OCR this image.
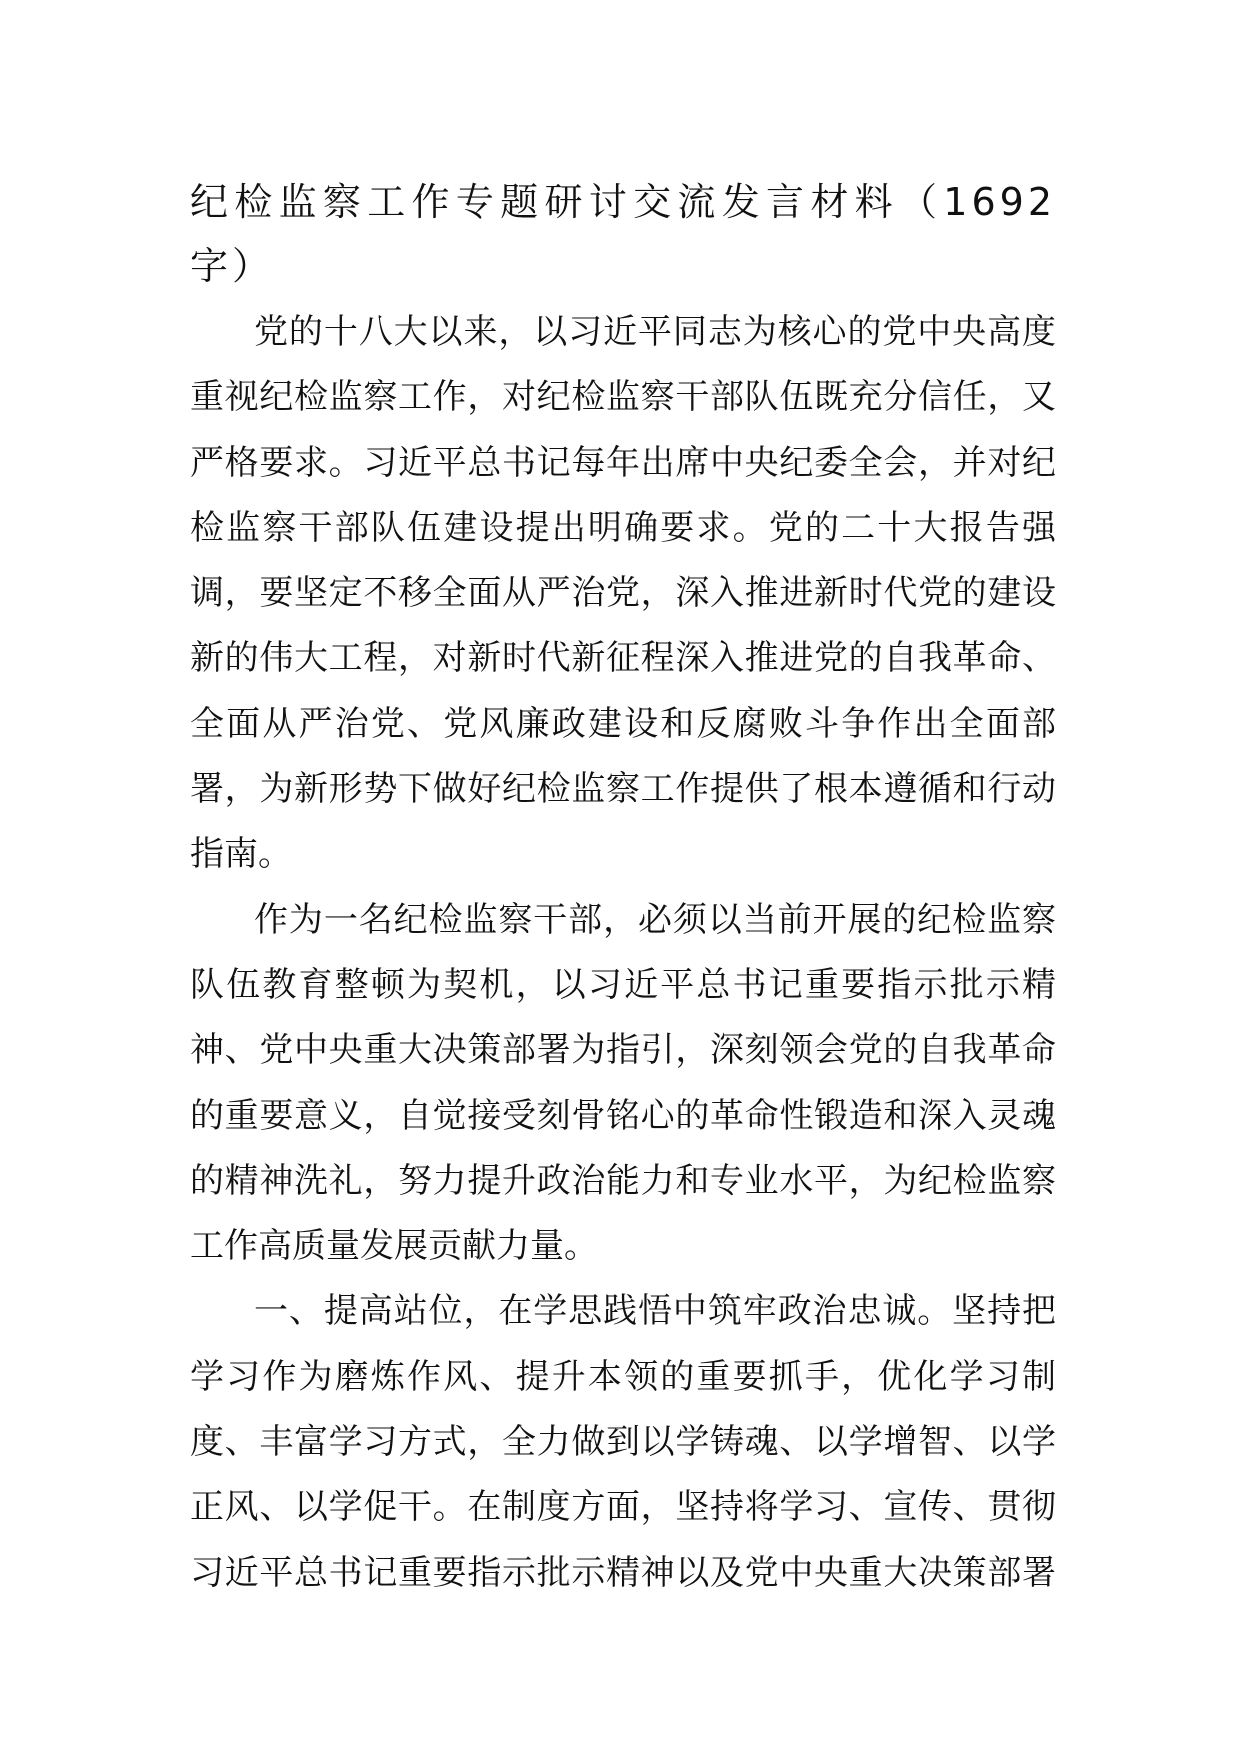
纪检监察工作专题研讨交流发言材料（1692
字）
党的十八大以来，以习近平同志为核心的党中央高度
重视纪检监察工作，对纪检监察干部队伍既充分信任，又
严格要求。习近平总书记每年出席中央纪委全会，并对纪
检监察干部队伍建设提出明确要求。党的二十大报告强
调，要坚定不移全面从严治党，深入推进新时代党的建设
新的伟大工程，对新时代新征程深入推进党的自我革命、
全面从严治党、党风廉政建设和反腐败斗争作出全面部
署，为新形势下做好纪检监察工作提供了根本遵循和行动
指南。
作为一名纪检监察干部，必须以当前开展的纪检监察
队伍教育整顿为契机，以习近平总书记重要指示批示精
神、党中央重大决策部署为指引，深刻领会党的自我革命
的重要意义，自觉接受刻骨铭心的革命性锻造和深入灵魂
的精神洗礼，努力提升政治能力和专业水平，为纪检监察
工作高质量发展贡献力量。
一、提高站位，在学思践悟中筑牢政治忠诚。坚持把
学习作为磨炼作风、提升本领的重要抓手，优化学习制
度、丰富学习方式，全力做到以学铸魂、以学增智、以学
正风、以学促干。在制度方面，坚持将学习、宣传、贯彻
习近平总书记重要指示批示精神以及党中央重大决策部署
